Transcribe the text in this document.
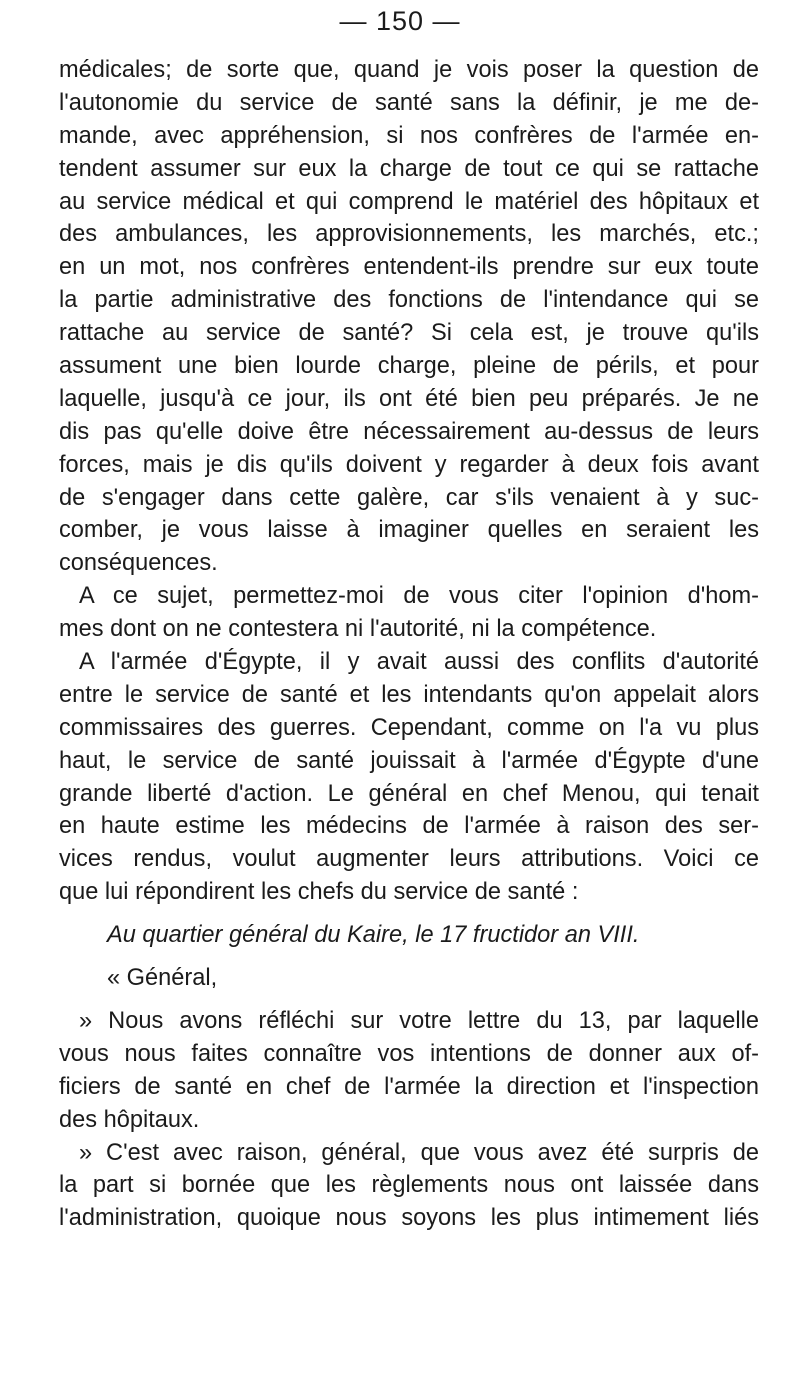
— 150 —
médicales; de sorte que, quand je vois poser la question de
l'autonomie du service de santé sans la définir, je me de-
mande, avec appréhension, si nos confrères de l'armée en-
tendent assumer sur eux la charge de tout ce qui se rattache
au service médical et qui comprend le matériel des hôpitaux et
des ambulances, les approvisionnements, les marchés, etc.;
en un mot, nos confrères entendent-ils prendre sur eux toute
la partie administrative des fonctions de l'intendance qui se
rattache au service de santé? Si cela est, je trouve qu'ils
assument une bien lourde charge, pleine de périls, et pour
laquelle, jusqu'à ce jour, ils ont été bien peu préparés. Je ne
dis pas qu'elle doive être nécessairement au-dessus de leurs
forces, mais je dis qu'ils doivent y regarder à deux fois avant
de s'engager dans cette galère, car s'ils venaient à y suc-
comber, je vous laisse à imaginer quelles en seraient les
conséquences.
A ce sujet, permettez-moi de vous citer l'opinion d'hom-
mes dont on ne contestera ni l'autorité, ni la compétence.
A l'armée d'Égypte, il y avait aussi des conflits d'autorité
entre le service de santé et les intendants qu'on appelait alors
commissaires des guerres. Cependant, comme on l'a vu plus
haut, le service de santé jouissait à l'armée d'Égypte d'une
grande liberté d'action. Le général en chef Menou, qui tenait
en haute estime les médecins de l'armée à raison des ser-
vices rendus, voulut augmenter leurs attributions. Voici ce
que lui répondirent les chefs du service de santé :
Au quartier général du Kaire, le 17 fructidor an VIII.
« Général,
» Nous avons réfléchi sur votre lettre du 13, par laquelle
vous nous faites connaître vos intentions de donner aux of-
ficiers de santé en chef de l'armée la direction et l'inspection
des hôpitaux.
» C'est avec raison, général, que vous avez été surpris de
la part si bornée que les règlements nous ont laissée dans
l'administration, quoique nous soyons les plus intimement liés
